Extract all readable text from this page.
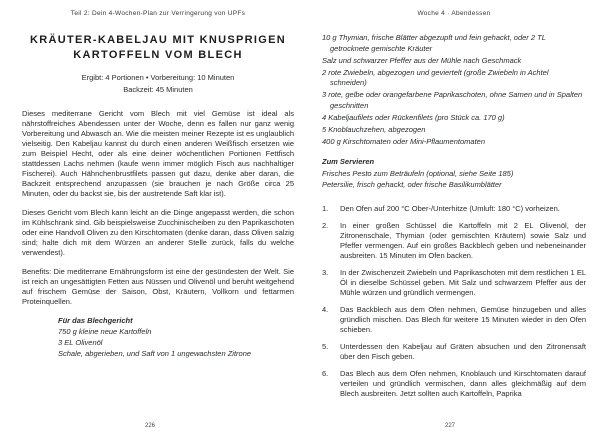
Teil 2: Dein 4-Wochen-Plan zur Verringerung von UPFs
KRÄUTER-KABELJAU MIT KNUSPRIGEN
KARTOFFELN VOM BLECH
Ergibt: 4 Portionen • Vorbereitung: 10 Minuten
Backzeit: 45 Minuten

Dieses mediterrane Gericht vom Blech mit viel Gemüse ist ideal als nährstoffreiches Abendessen unter der Woche, denn es fallen nur ganz wenig Vorbereitung und Abwasch an. Wie die meisten meiner Rezepte ist es unglaublich vielseitig. Den Kabeljau kannst du durch einen anderen Weißfisch ersetzen wie zum Beispiel Hecht, oder als eine deiner wöchentlichen Portionen Fettfisch stattdessen Lachs nehmen (kaufe wenn immer möglich Fisch aus nachhaltiger Fischerei). Auch Hähnchenbrustfilets passen gut dazu, denke aber daran, die Backzeit entsprechend anzupassen (sie brauchen je nach Größe circa 25 Minuten, oder du backst sie, bis der austretende Saft klar ist).

Dieses Gericht vom Blech kann leicht an die Dinge angepasst werden, die schon im Kühlschrank sind. Gib beispielsweise Zucchinischeiben zu den Paprikaschoten oder eine Handvoll Oliven zu den Kirschtomaten (denke daran, dass Oliven salzig sind; halte dich mit dem Würzen an anderer Stelle zurück, falls du welche verwendest).

Benefits: Die mediterrane Ernährungsform ist eine der gesündesten der Welt. Sie ist reich an ungesättigten Fetten aus Nüssen und Olivenöl und beruht weitgehend auf frischem Gemüse der Saison, Obst, Kräutern, Vollkorn und fettarmen Proteinquellen.

Für das Blechgericht
750 g kleine neue Kartoffeln
3 EL Olivenöl
Schale, abgerieben, und Saft von 1 ungewachsten Zitrone
226
Woche 4 · Abendessen
10 g Thymian, frische Blätter abgezupft und fein gehackt, oder 2 TL getrocknete gemischte Kräuter
Salz und schwarzer Pfeffer aus der Mühle nach Geschmack
2 rote Zwiebeln, abgezogen und geviertelt (große Zwiebeln in Achtel schneiden)
3 rote, gelbe oder orangefarbene Paprikaschoten, ohne Samen und in Spalten geschnitten
4 Kabeljaufilets oder Rückenfilets (pro Stück ca. 170 g)
5 Knoblauchzehen, abgezogen
400 g Kirschtomaten oder Mini-Pflaumentomaten
Zum Servieren
Frisches Pesto zum Beträufeln (optional, siehe Seite 185)
Petersilie, frisch gehackt, oder frische Basilikumblätter
1.	Den Ofen auf 200 °C Ober-/Unterhitze (Umluft: 180 °C) vorheizen.
2.	In einer großen Schüssel die Kartoffeln mit 2 EL Olivenöl, der Zitronenschale, Thymian (oder gemischten Kräutern) sowie Salz und Pfeffer vermengen. Auf ein großes Backblech geben und nebeneinander ausbreiten. 15 Minuten im Ofen backen.
3.	In der Zwischenzeit Zwiebeln und Paprikaschoten mit dem restlichen 1 EL Öl in dieselbe Schüssel geben. Mit Salz und schwarzem Pfeffer aus der Mühle würzen und gründlich vermengen.
4.	Das Backblech aus dem Ofen nehmen, Gemüse hinzugeben und alles gründlich mischen. Das Blech für weitere 15 Minuten wieder in den Ofen schieben.
5.	Unterdessen den Kabeljau auf Gräten absuchen und den Zitronensaft über den Fisch geben.
6.	Das Blech aus dem Ofen nehmen, Knoblauch und Kirschtomaten darauf verteilen und gründlich vermischen, dann alles gleichmäßig auf dem Blech ausbreiten. Jetzt sollten auch Kartoffeln, Paprika
227
